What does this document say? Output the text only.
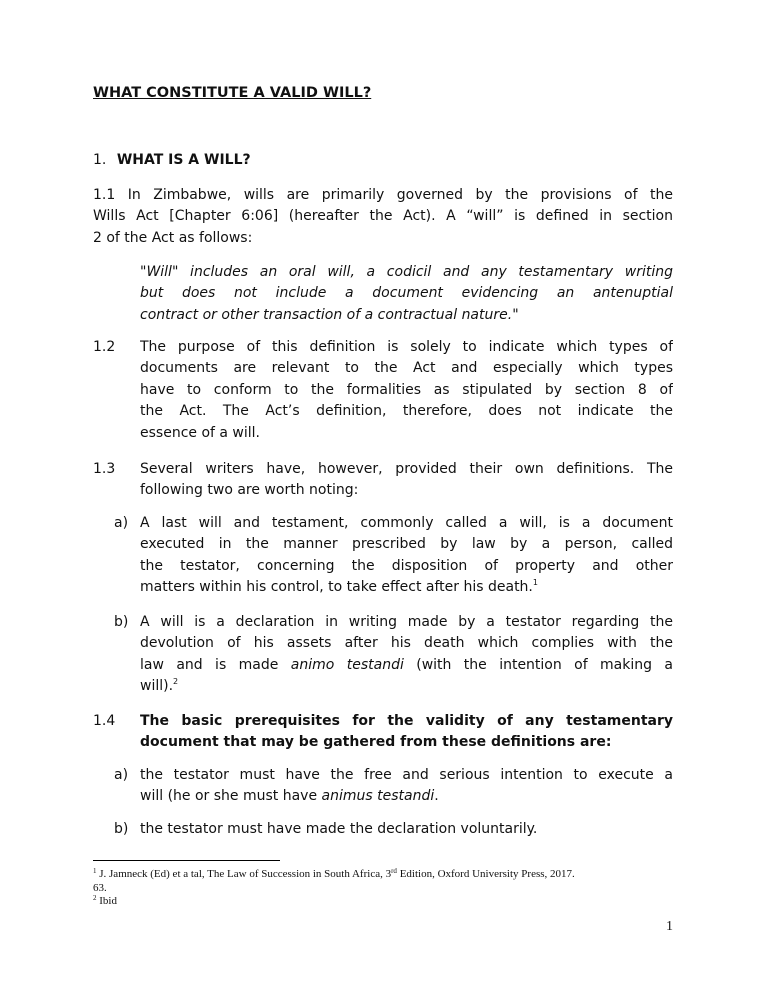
WHAT CONSTITUTE A VALID WILL?
1. WHAT IS A WILL?
1.1 In Zimbabwe, wills are primarily governed by the provisions of the
Wills Act [Chapter 6:06] (hereafter the Act). A “will” is defined in section
2 of the Act as follows:
"Will" includes an oral will, a codicil and any testamentary writing
but does not include a document evidencing an antenuptial
contract or other transaction of a contractual nature."
1.2 The purpose of this definition is solely to indicate which types of
documents are relevant to the Act and especially which types
have to conform to the formalities as stipulated by section 8 of
the Act. The Act’s definition, therefore, does not indicate the
essence of a will.
1.3 Several writers have, however, provided their own definitions. The
following two are worth noting:
a) A last will and testament, commonly called a will, is a document
executed in the manner prescribed by law by a person, called
the testator, concerning the disposition of property and other
matters within his control, to take effect after his death.$^1$
b) A will is a declaration in writing made by a testator regarding the
devolution of his assets after his death which complies with the
law and is made animo testandi (with the intention of making a
will).$^2$
1.4 The basic prerequisites for the validity of any testamentary
document that may be gathered from these definitions are:
a) the testator must have the free and serious intention to execute a
will (he or she must have animus testandi.
b) the testator must have made the declaration voluntarily.
$^1$ J. Jamneck (Ed) et a tal, The Law of Succession in South Africa, 3rd Edition, Oxford University Press, 2017.
63.
$^2$ Ibid
1
